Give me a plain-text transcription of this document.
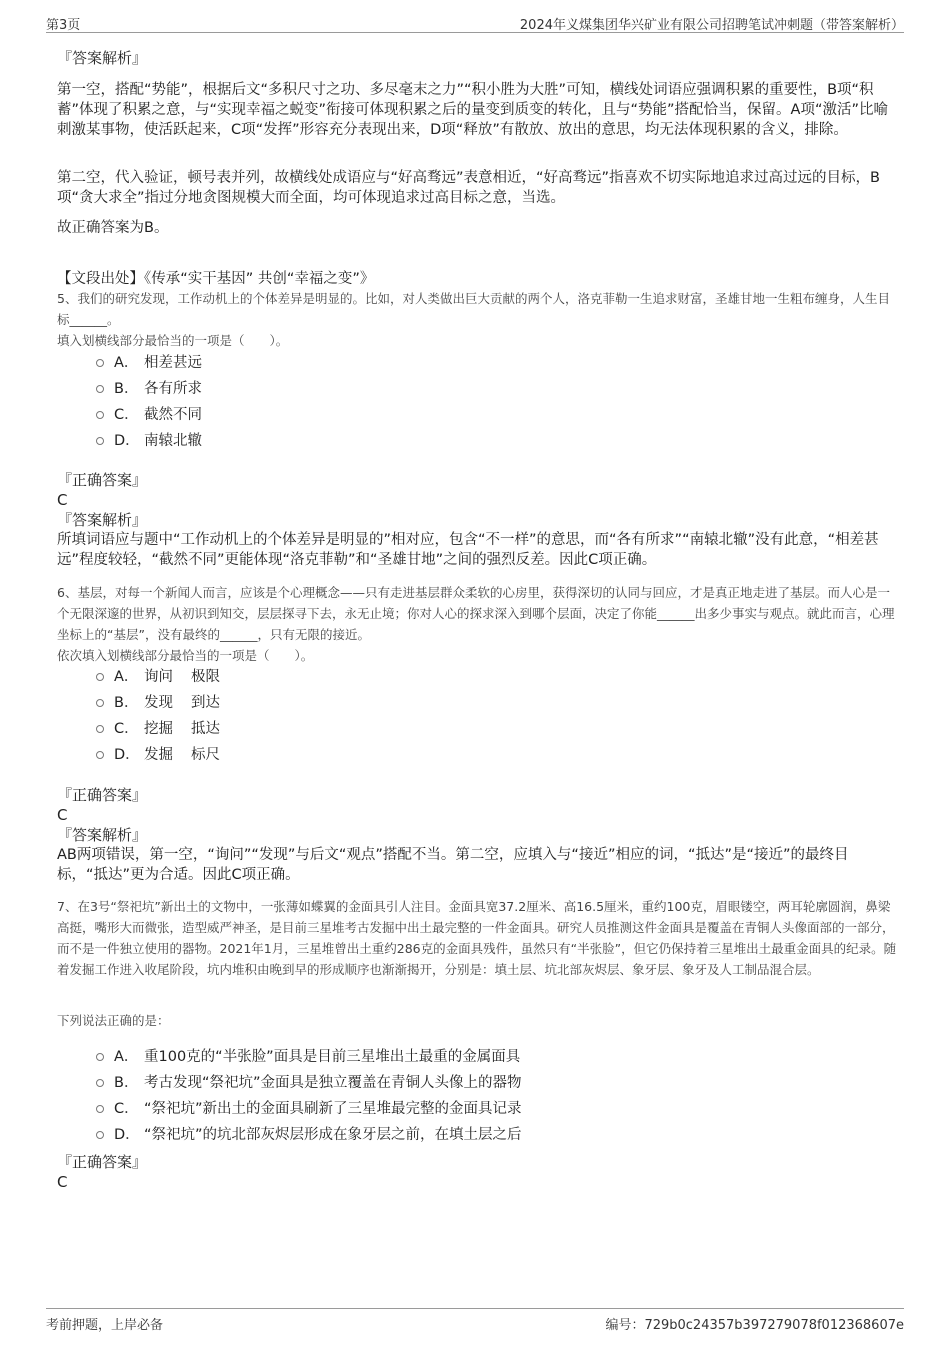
第3页	2024年义煤集团华兴矿业有限公司招聘笔试冲刺题（带答案解析）
『答案解析』

第一空，搭配“势能”，根据后文“多积尺寸之功、多尽毫末之力”“积小胜为大胜”可知，横线处词语应强调积累的重要性，B项“积蓄”体现了积累之意，与“实现幸福之蜕变”衔接可体现积累之后的量变到质变的转化，且与“势能”搭配恰当，保留。A项“激活”比喻刺激某事物，使活跃起来，C项“发挥”形容充分表现出来，D项“释放”有散放、放出的意思，均无法体现积累的含义，排除。

第二空，代入验证，顿号表并列，故横线处成语应与“好高骛远”表意相近，“好高骛远”指喜欢不切实际地追求过高过远的目标，B项“贪大求全”指过分地贪图规模大而全面，均可体现追求过高目标之意，当选。

故正确答案为B。

【文段出处】《传承“实干基因” 共创“幸福之变”》

5、我们的研究发现，工作动机上的个体差异是明显的。比如，对人类做出巨大贡献的两个人，洛克菲勒一生追求财富，圣雄甘地一生粗布缠身，人生目标______。

填入划横线部分最恰当的一项是（　　）。

A． 相差甚远
B． 各有所求
C． 截然不同
D． 南辕北辙
『正确答案』
C
『答案解析』

所填词语应与题中“工作动机上的个体差异是明显的”相对应，包含“不一样”的意思，而“各有所求”“南辕北辙”没有此意，“相差甚远”程度较轻，“截然不同”更能体现“洛克菲勒”和“圣雄甘地”之间的强烈反差。因此C项正确。

6、基层，对每一个新闻人而言，应该是个心理概念——只有走进基层群众柔软的心房里，获得深切的认同与回应，才是真正地走进了基层。而人心是一个无限深邃的世界，从初识到知交，层层探寻下去，永无止境；你对人心的探求深入到哪个层面，决定了你能______出多少事实与观点。就此而言，心理坐标上的“基层”，没有最终的______，只有无限的接近。

依次填入划横线部分最恰当的一项是（　　）。

A． 询问 极限
B． 发现 到达
C． 挖掘 抵达
D． 发掘 标尺
『正确答案』
C
『答案解析』

AB两项错误，第一空，“询问”“发现”与后文“观点”搭配不当。第二空，应填入与“接近”相应的词，“抵达”是“接近”的最终目标，“抵达”更为合适。因此C项正确。

7、在3号“祭祀坑”新出土的文物中，一张薄如蝶翼的金面具引人注目。金面具宽37.2厘米、高16.5厘米，重约100克，眉眼镂空，两耳轮廓圆润，鼻梁高挺，嘴形大而微张，造型威严神圣，是目前三星堆考古发掘中出土最完整的一件金面具。研究人员推测这件金面具是覆盖在青铜人头像面部的一部分，而不是一件独立使用的器物。2021年1月，三星堆曾出土重约286克的金面具残件，虽然只有“半张脸”，但它仍保持着三星堆出土最重金面具的纪录。随着发掘工作进入收尾阶段，坑内堆积由晚到早的形成顺序也渐渐揭开，分别是：填土层、坑北部灰烬层、象牙层、象牙及人工制品混合层。

下列说法正确的是：

A． 重100克的“半张脸”面具是目前三星堆出土最重的金属面具
B． 考古发现“祭祀坑”金面具是独立覆盖在青铜人头像上的器物
C． “祭祀坑”新出土的金面具刷新了三星堆最完整的金面具记录
D． “祭祀坑”的坑北部灰烬层形成在象牙层之前，在填土层之后
『正确答案』
C
考前押题，上岸必备	编号：729b0c24357b397279078f012368607e
